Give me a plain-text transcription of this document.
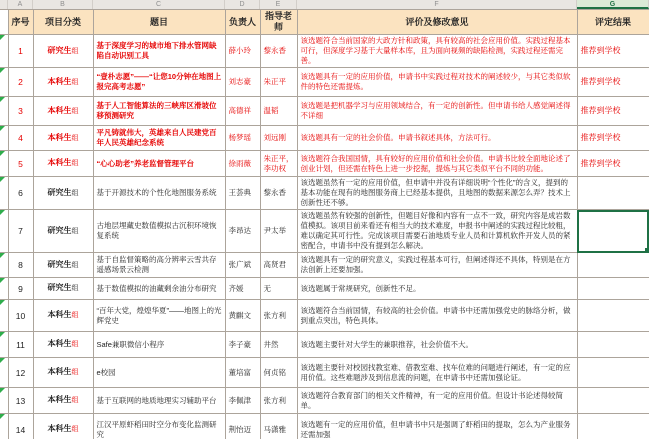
A	B	C	D	E	F	G
	序号	项目分类	题目	负责人	指导老师	评价及修改意见	评定结果

	1	研究生组	基于深度学习的城市地下排水管网缺陷自动识别工具	薛小玲	黎永香	该选题符合当前国家的大政方针和政策，具有较高的社会应用价值。实践过程基本可行，但深度学习基于大量样本库，且为面向视频的缺陷检测，实践过程还需完善。	推荐到学校

	2	本科生组	“壹朴志愿”——“让您10分钟在地图上报完高考志愿”	刘志豪	朱正平	该选题具有一定的应用价值，申请书中实践过程对技术的阐述较少，与其它类似软件的特色还需提炼。	推荐到学校

	3	本科生组	基于人工智能算法的三峡库区滑坡位移预测研究	高德祥	温韬	该选题是把机器学习与应用领域结合，有一定的创新性。但申请书给人感觉阐述得不详细	推荐到学校

	4	本科生组	平凡铸就伟大，英雄来自人民建党百年人民英雄纪念系统	杨梦瑶	刘远刚	该选题具有一定的社会价值。申请书叙述具体，方法可行。	推荐到学校

	5	本科生组	“心心助老”养老监督管理平台	徐雨薇	朱正平，李功权	该选题符合我国国情，具有较好的应用价值和社会价值。申请书比较全面地论述了创业计划，但还需在特色上进一步挖掘，提炼与其它类似平台不同的功能。	推荐到学校

	6	研究生组	基于开源技术的个性化地图服务系统	王荟典	黎永香	该选题虽然有一定的应用价值，但申请中并没有详细说明“个性化”的含义，提到的基本功能在现有的地图服务商上已经基本提供，且地图的数据来源怎么弄？技术上创新性还不够。	

	7	研究生组	古地层埋藏史数值模拟古沉积环境恢复系统	李昂达	尹太举	该选题虽然有较强的创新性，但题目好像和内容有一点不一致，研究内容是成岩数值模拟。该项目前来看还有相当大的技术难度，申报书中阐述的实践过程比较粗，难以确定其可行性。完成该项目需要石油地质专业人员和计算机软件开发人员的紧密配合，申请书中没有提到怎么解决。	

	8	研究生组	基于自监督策略的高分辨率云雪共存遥感场景云检测	张广斌	高贤君	该选题具有一定的研究意义，实践过程基本可行，但阐述得还不具体，特别是在方法创新上还要加强。	

	9	研究生组	基于数值模拟的油藏剩余油分布研究	齐媛	无	该选题属于常规研究，创新性不足。	

	10	本科生组	“百年大党，煌煌华夏”——地图上的光辉党史	黄麒文	张方利	该选题符合当前国情，有较高的社会价值。申请书中还需加强党史的脉络分析，做到重点突出，特色具体。	

	11	本科生组	Safe兼职微信小程序	李子豪	井然	该选题主要针对大学生的兼职推荐，社会价值不大。	

	12	本科生组	e校园	董培富	何贞铭	该选题主要针对校园找教室难、借教室难、找车位难的问题进行阐述，有一定的应用价值。这些难题涉及到信息流的问题，在申请书中还需加强论证。	

	13	本科生组	基于互联网的地质地理实习辅助平台	李佩津	张方利	该选题符合教育部门的相关文件精神，有一定的应用价值。但设计书论述得较简单。	

	14	本科生组	江汉平原虾稻田时空分布变化监测研究	荆怡迈	马潇雅	该选题有一定的应用价值，但申请书中只是强调了虾稻田的提取，怎么为产业服务还需加强	
